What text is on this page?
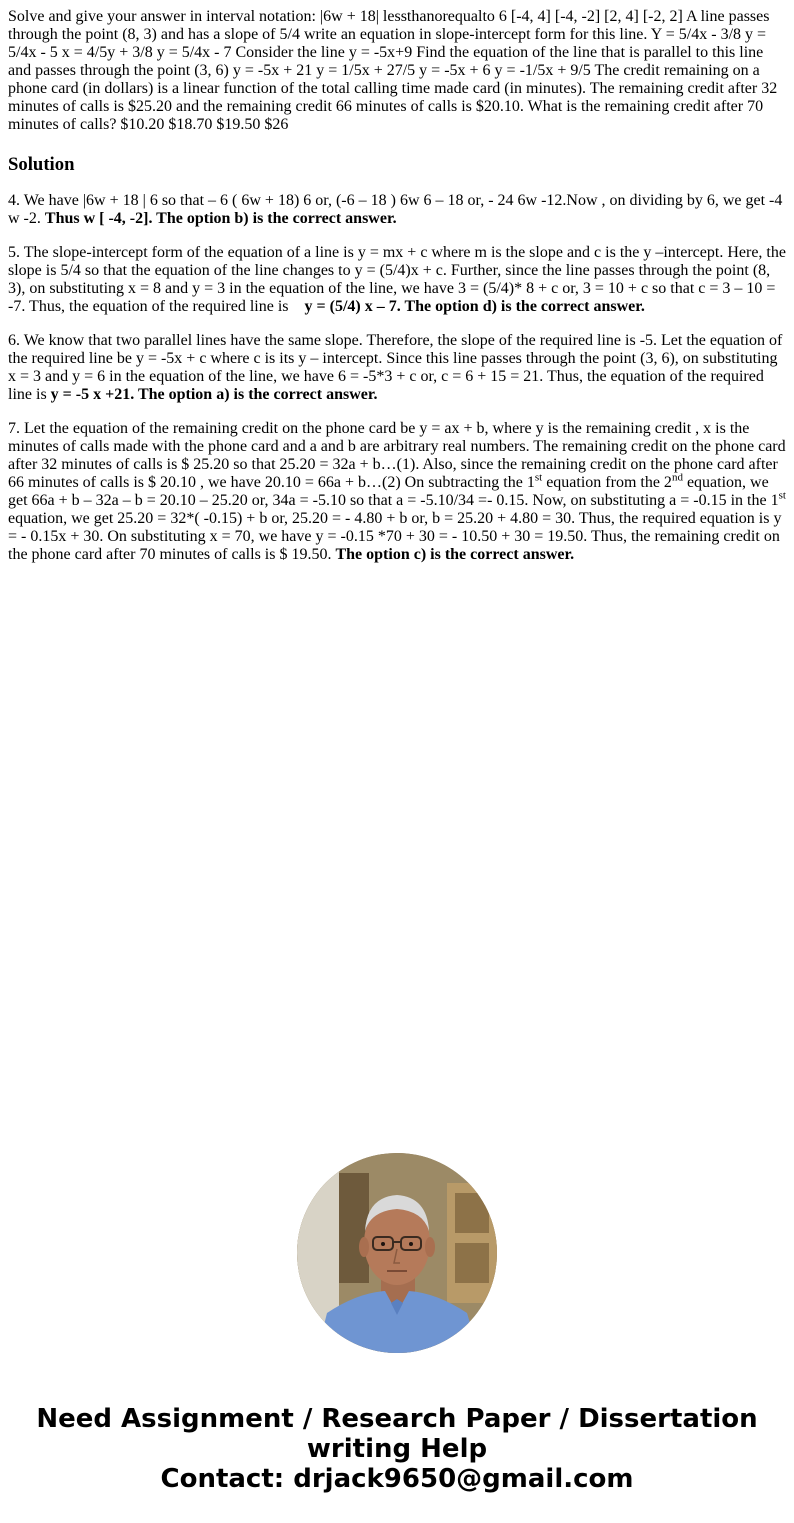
Solve and give your answer in interval notation: |6w + 18| lessthanorequalto 6 [-4, 4] [-4, -2] [2, 4] [-2, 2] A line passes through the point (8, 3) and has a slope of 5/4 write an equation in slope-intercept form for this line. Y = 5/4x - 3/8 y = 5/4x - 5 x = 4/5y + 3/8 y = 5/4x - 7 Consider the line y = -5x+9 Find the equation of the line that is parallel to this line and passes through the point (3, 6) y = -5x + 21 y = 1/5x + 27/5 y = -5x + 6 y = -1/5x + 9/5 The credit remaining on a phone card (in dollars) is a linear function of the total calling time made card (in minutes). The remaining credit after 32 minutes of calls is $25.20 and the remaining credit 66 minutes of calls is $20.10. What is the remaining credit after 70 minutes of calls? $10.20 $18.70 $19.50 $26
Solution

4. We have |6w + 18 | 6 so that – 6 ( 6w + 18) 6 or, (-6 – 18 ) 6w 6 – 18 or, - 24 6w -12.Now , on dividing by 6, we get -4 w -2. Thus w [ -4, -2]. The option b) is the correct answer.

5. The slope-intercept form of the equation of a line is y = mx + c where m is the slope and c is the y –intercept. Here, the slope is 5/4 so that the equation of the line changes to y = (5/4)x + c. Further, since the line passes through the point (8, 3), on substituting x = 8 and y = 3 in the equation of the line, we have 3 = (5/4)* 8 + c or, 3 = 10 + c so that c = 3 – 10 = -7. Thus, the equation of the required line is y = (5/4) x – 7. The option d) is the correct answer.

6. We know that two parallel lines have the same slope. Therefore, the slope of the required line is -5. Let the equation of the required line be y = -5x + c where c is its y – intercept. Since this line passes through the point (3, 6), on substituting x = 3 and y = 6 in the equation of the line, we have 6 = -5*3 + c or, c = 6 + 15 = 21. Thus, the equation of the required line is y = -5 x +21. The option a) is the correct answer.

7. Let the equation of the remaining credit on the phone card be y = ax + b, where y is the remaining credit , x is the minutes of calls made with the phone card and a and b are arbitrary real numbers. The remaining credit on the phone card after 32 minutes of calls is $ 25.20 so that 25.20 = 32a + b…(1). Also, since the remaining credit on the phone card after 66 minutes of calls is $ 20.10 , we have 20.10 = 66a + b…(2) On subtracting the 1st equation from the 2nd equation, we get 66a + b – 32a – b = 20.10 – 25.20 or, 34a = -5.10 so that a = -5.10/34 =- 0.15. Now, on substituting a = -0.15 in the 1st equation, we get 25.20 = 32*( -0.15) + b or, 25.20 = - 4.80 + b or, b = 25.20 + 4.80 = 30. Thus, the required equation is y = - 0.15x + 30. On substituting x = 70, we have y = -0.15 *70 + 30 = - 10.50 + 30 = 19.50. Thus, the remaining credit on the phone card after 70 minutes of calls is $ 19.50. The option c) is the correct answer.

Need Assignment / Research Paper / Dissertation
writing Help
Contact: drjack9650@gmail.com
